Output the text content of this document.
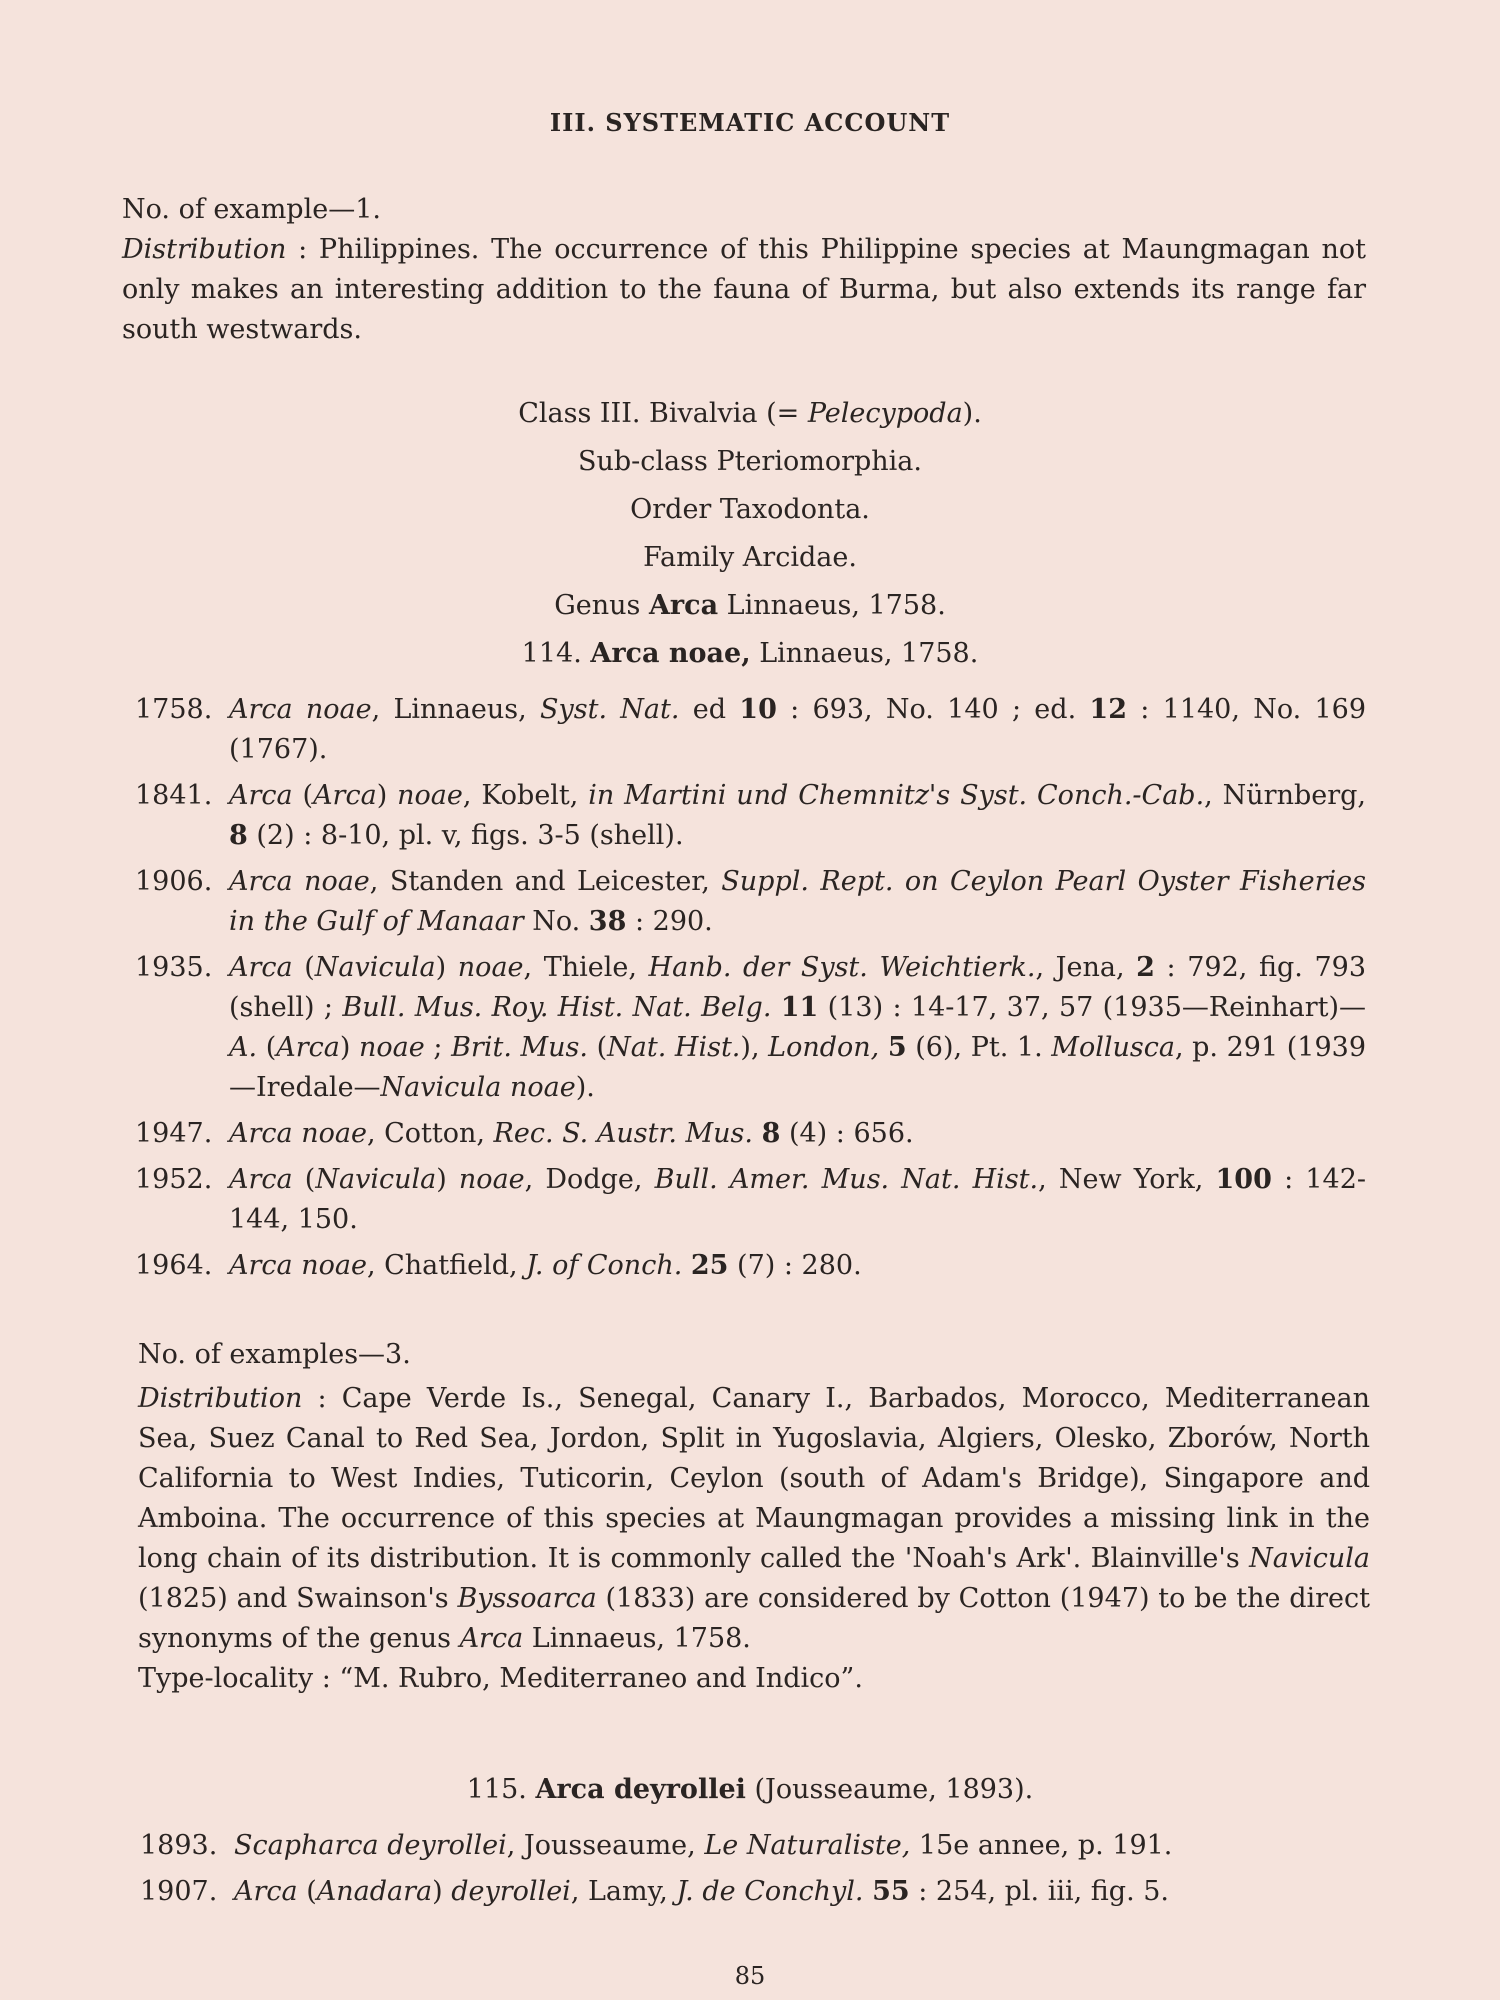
III. SYSTEMATIC ACCOUNT

No. of example—1.

Distribution : Philippines. The occurrence of this Philippine species at Maungmagan not only makes an interesting addition to the fauna of Burma, but also extends its range far south westwards.

Class III. Bivalvia (= Pelecypoda).

Sub-class Pteriomorphia.

Order Taxodonta.

Family Arcidae.

Genus Arca Linnaeus, 1758.

114. Arca noae, Linnaeus, 1758.

1758. Arca noae, Linnaeus, Syst. Nat. ed 10 : 693, No. 140 ; ed. 12 : 1140, No. 169 (1767).
1841. Arca (Arca) noae, Kobelt, in Martini und Chemnitz's Syst. Conch.-Cab., Nürnberg, 8 (2) : 8-10, pl. v, figs. 3-5 (shell).
1906. Arca noae, Standen and Leicester, Suppl. Rept. on Ceylon Pearl Oyster Fisheries in the Gulf of Manaar No. 38 : 290.
1935. Arca (Navicula) noae, Thiele, Hanb. der Syst. Weichtierk., Jena, 2 : 792, fig. 793 (shell) ; Bull. Mus. Roy. Hist. Nat. Belg. 11 (13) : 14-17, 37, 57 (1935—Reinhart)—A. (Arca) noae ; Brit. Mus. (Nat. Hist.), London, 5 (6), Pt. 1. Mollusca, p. 291 (1939—Iredale—Navicula noae).
1947. Arca noae, Cotton, Rec. S. Austr. Mus. 8 (4) : 656.
1952. Arca (Navicula) noae, Dodge, Bull. Amer. Mus. Nat. Hist., New York, 100 : 142-144, 150.
1964. Arca noae, Chatfield, J. of Conch. 25 (7) : 280.

No. of examples—3.

Distribution : Cape Verde Is., Senegal, Canary I., Barbados, Morocco, Mediterranean Sea, Suez Canal to Red Sea, Jordon, Split in Yugoslavia, Algiers, Olesko, Zborów, North California to West Indies, Tuticorin, Ceylon (south of Adam's Bridge), Singapore and Amboina. The occurrence of this species at Maungmagan provides a missing link in the long chain of its distribution. It is commonly called the 'Noah's Ark'. Blainville's Navicula (1825) and Swainson's Byssoarca (1833) are considered by Cotton (1947) to be the direct synonyms of the genus Arca Linnaeus, 1758.

Type-locality : “M. Rubro, Mediterraneo and Indico”.

115. Arca deyrollei (Jousseaume, 1893).

1893. Scapharca deyrollei, Jousseaume, Le Naturaliste, 15e annee, p. 191.
1907. Arca (Anadara) deyrollei, Lamy, J. de Conchyl. 55 : 254, pl. iii, fig. 5.
85
